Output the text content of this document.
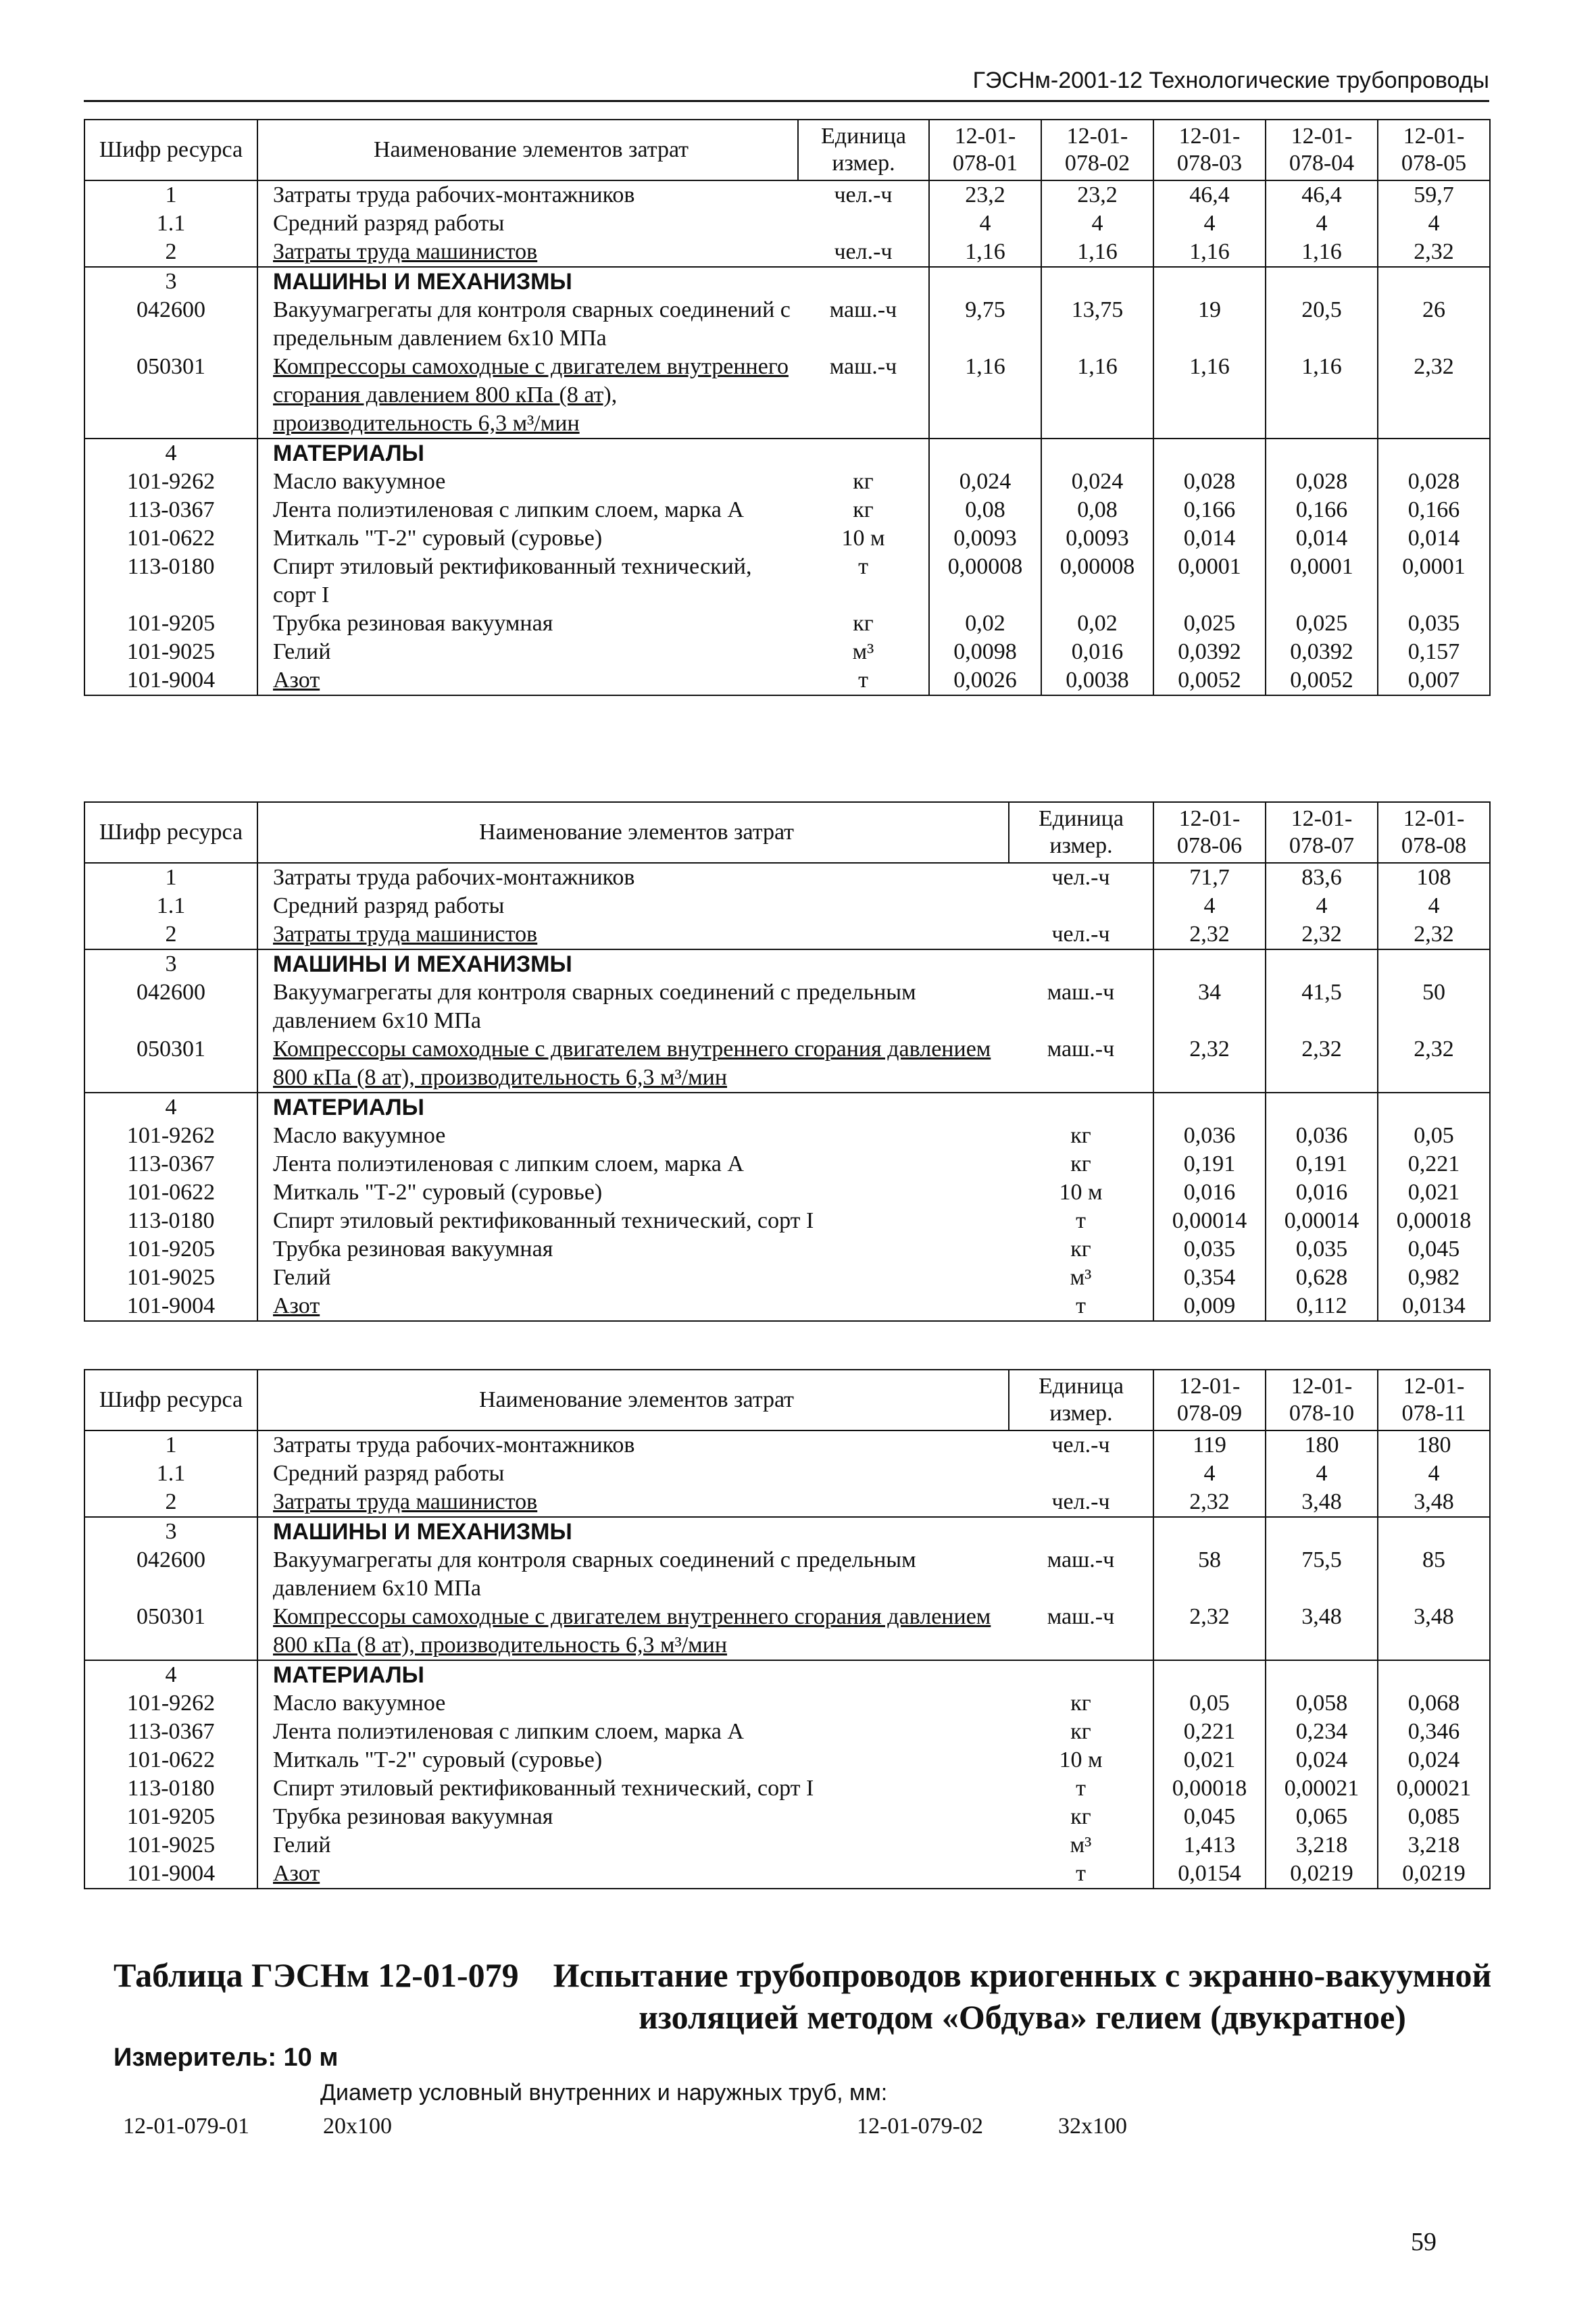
ГЭСНм-2001-12 Технологические трубопроводы
Шифр ресурса	Наименование элементов затрат	Единица измер.	12-01-078-01	12-01-078-02	12-01-078-03	12-01-078-04	12-01-078-05
1	Затраты труда рабочих-монтажников	чел.-ч	23,2	23,2	46,4	46,4	59,7
1.1	Средний разряд работы		4	4	4	4	4
2	Затраты труда машинистов	чел.-ч	1,16	1,16	1,16	1,16	2,32
3	МАШИНЫ И МЕХАНИЗМЫ						
042600	Вакуумагрегаты для контроля сварных соединений с предельным давлением 6х10 МПа	маш.-ч	9,75	13,75	19	20,5	26
050301	Компрессоры самоходные с двигателем внутреннего сгорания давлением 800 кПа (8 ат), производительность 6,3 м³/мин	маш.-ч	1,16	1,16	1,16	1,16	2,32
4	МАТЕРИАЛЫ						
101-9262	Масло вакуумное	кг	0,024	0,024	0,028	0,028	0,028
113-0367	Лента полиэтиленовая с липким слоем, марка А	кг	0,08	0,08	0,166	0,166	0,166
101-0622	Миткаль "Т-2" суровый (суровье)	10 м	0,0093	0,0093	0,014	0,014	0,014
113-0180	Спирт этиловый ректификованный технический, сорт I	т	0,00008	0,00008	0,0001	0,0001	0,0001
101-9205	Трубка резиновая вакуумная	кг	0,02	0,02	0,025	0,025	0,035
101-9025	Гелий	м³	0,0098	0,016	0,0392	0,0392	0,157
101-9004	Азот	т	0,0026	0,0038	0,0052	0,0052	0,007
Шифр ресурса	Наименование элементов затрат	Единица измер.	12-01-078-06	12-01-078-07	12-01-078-08
1	Затраты труда рабочих-монтажников	чел.-ч	71,7	83,6	108
1.1	Средний разряд работы		4	4	4
2	Затраты труда машинистов	чел.-ч	2,32	2,32	2,32
3	МАШИНЫ И МЕХАНИЗМЫ				
042600	Вакуумагрегаты для контроля сварных соединений с предельным давлением 6х10 МПа	маш.-ч	34	41,5	50
050301	Компрессоры самоходные с двигателем внутреннего сгорания давлением 800 кПа (8 ат), производительность 6,3 м³/мин	маш.-ч	2,32	2,32	2,32
4	МАТЕРИАЛЫ				
101-9262	Масло вакуумное	кг	0,036	0,036	0,05
113-0367	Лента полиэтиленовая с липким слоем, марка А	кг	0,191	0,191	0,221
101-0622	Миткаль "Т-2" суровый (суровье)	10 м	0,016	0,016	0,021
113-0180	Спирт этиловый ректификованный технический, сорт I	т	0,00014	0,00014	0,00018
101-9205	Трубка резиновая вакуумная	кг	0,035	0,035	0,045
101-9025	Гелий	м³	0,354	0,628	0,982
101-9004	Азот	т	0,009	0,112	0,0134
Шифр ресурса	Наименование элементов затрат	Единица измер.	12-01-078-09	12-01-078-10	12-01-078-11
1	Затраты труда рабочих-монтажников	чел.-ч	119	180	180
1.1	Средний разряд работы		4	4	4
2	Затраты труда машинистов	чел.-ч	2,32	3,48	3,48
3	МАШИНЫ И МЕХАНИЗМЫ				
042600	Вакуумагрегаты для контроля сварных соединений с предельным давлением 6х10 МПа	маш.-ч	58	75,5	85
050301	Компрессоры самоходные с двигателем внутреннего сгорания давлением 800 кПа (8 ат), производительность 6,3 м³/мин	маш.-ч	2,32	3,48	3,48
4	МАТЕРИАЛЫ				
101-9262	Масло вакуумное	кг	0,05	0,058	0,068
113-0367	Лента полиэтиленовая с липким слоем, марка А	кг	0,221	0,234	0,346
101-0622	Миткаль "Т-2" суровый (суровье)	10 м	0,021	0,024	0,024
113-0180	Спирт этиловый ректификованный технический, сорт I	т	0,00018	0,00021	0,00021
101-9205	Трубка резиновая вакуумная	кг	0,045	0,065	0,085
101-9025	Гелий	м³	1,413	3,218	3,218
101-9004	Азот	т	0,0154	0,0219	0,0219
Таблица ГЭСНм 12-01-079 Испытание трубопроводов криогенных с экранно-вакуумной изоляцией методом «Обдува» гелием (двукратное)
Измеритель: 10 м
Диаметр условный внутренних и наружных труб, мм:
12-01-079-01	20х100	12-01-079-02	32х100
59
